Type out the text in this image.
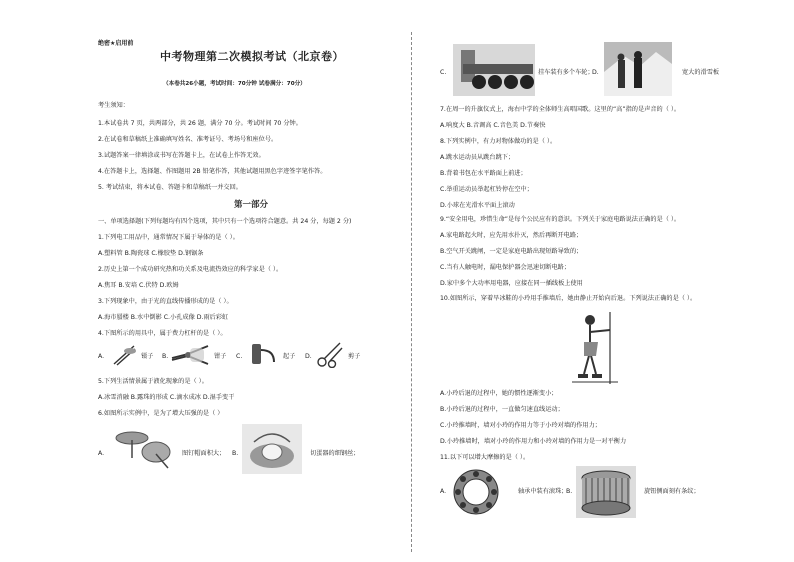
绝密★启用前
中考物理第二次模拟考试（北京卷）
（本卷共26小题，考试时间：70分钟 试卷满分：70分）
考生须知：
1.本试卷共 7 页，共两部分，共 26 题，满分 70 分。考试时间 70 分钟。
2.在试卷和草稿纸上准确填写姓名、准考证号、考场号和座位号。
3.试题答案一律填涂或书写在答题卡上，在试卷上作答无效。
4.在答题卡上，选择题、作图题用 2B 铅笔作答，其他试题用黑色字迹签字笔作答。
5. 考试结束，将本试卷、答题卡和草稿纸一并交回。
第一部分
一、单项选择题(下列每题均有四个选项，其中只有一个选项符合题意。共 24 分，每题 2 分)
1.下列电工用品中，通常情况下属于导体的是（ ）。
A.塑料管 B.陶瓷球 C.橡胶垫 D.钢锯条
2.历史上第一个成功研究热和功关系及电流热效应的科学家是（ ）。
A.焦耳 B.安培 C.伏特 D.欧姆
3.下列现象中，由于光的直线传播形成的是（ ）。
A.海市蜃楼 B.水中倒影 C.小孔成像 D.雨后彩虹
4.下图所示的用具中，属于费力杠杆的是（ ）。
A.	镊子 B.	钳子 C.	起子 D.	剪子
5.下列生活情景属于液化现象的是（ ）。
A.冰雪消融 B.露珠的形成 C.滴水成冰 D.湿手变干
6.如图所示实例中，是为了增大压强的是（ ）
A.	图钉帽面积大； B.	切蛋器的细钢丝；
C.	挂车装有多个车轮；
D.	宽大的滑雪板
7.在周一的升旗仪式上，海右中学的全体师生高唱国歌。这里的“高”指的是声音的（ ）。
A.响度大 B.音调高 C.音色美 D.节奏快
8.下列实例中，有力对物体做功的是（ ）。
A.跳水运动员从跳台跳下；
B.背着书包在水平路面上前进；
C.举重运动员举起杠铃停在空中；
D.小球在光滑水平面上滚动
9.“安全用电，珍惜生命”是每个公民应有的意识。下列关于家庭电路说法正确的是（ ）。
A.家电路起火时，应先用水扑灭，然后再断开电路；
B.空气开关跳闸，一定是家庭电路出现短路导致的；
C.当有人触电时，漏电保护器会迅速切断电路；
D.家中多个大功率用电器，应接在同一插线板上使用
10.如图所示，穿着旱冰鞋的小玲用手推墙后，她由静止开始向后退。下列说法正确的是（ ）。
A.小玲后退的过程中，她的惯性逐渐变小；
B.小玲后退的过程中，一直做匀速直线运动；
C.小玲推墙时，墙对小玲的作用力等于小玲对墙的作用力；
D.小玲推墙时，墙对小玲的作用力和小玲对墙的作用力是一对平衡力
11.以下可以增大摩擦的是（ ）。
A.	轴承中装有滚珠；
B.	旋钮侧面刻有条纹；
